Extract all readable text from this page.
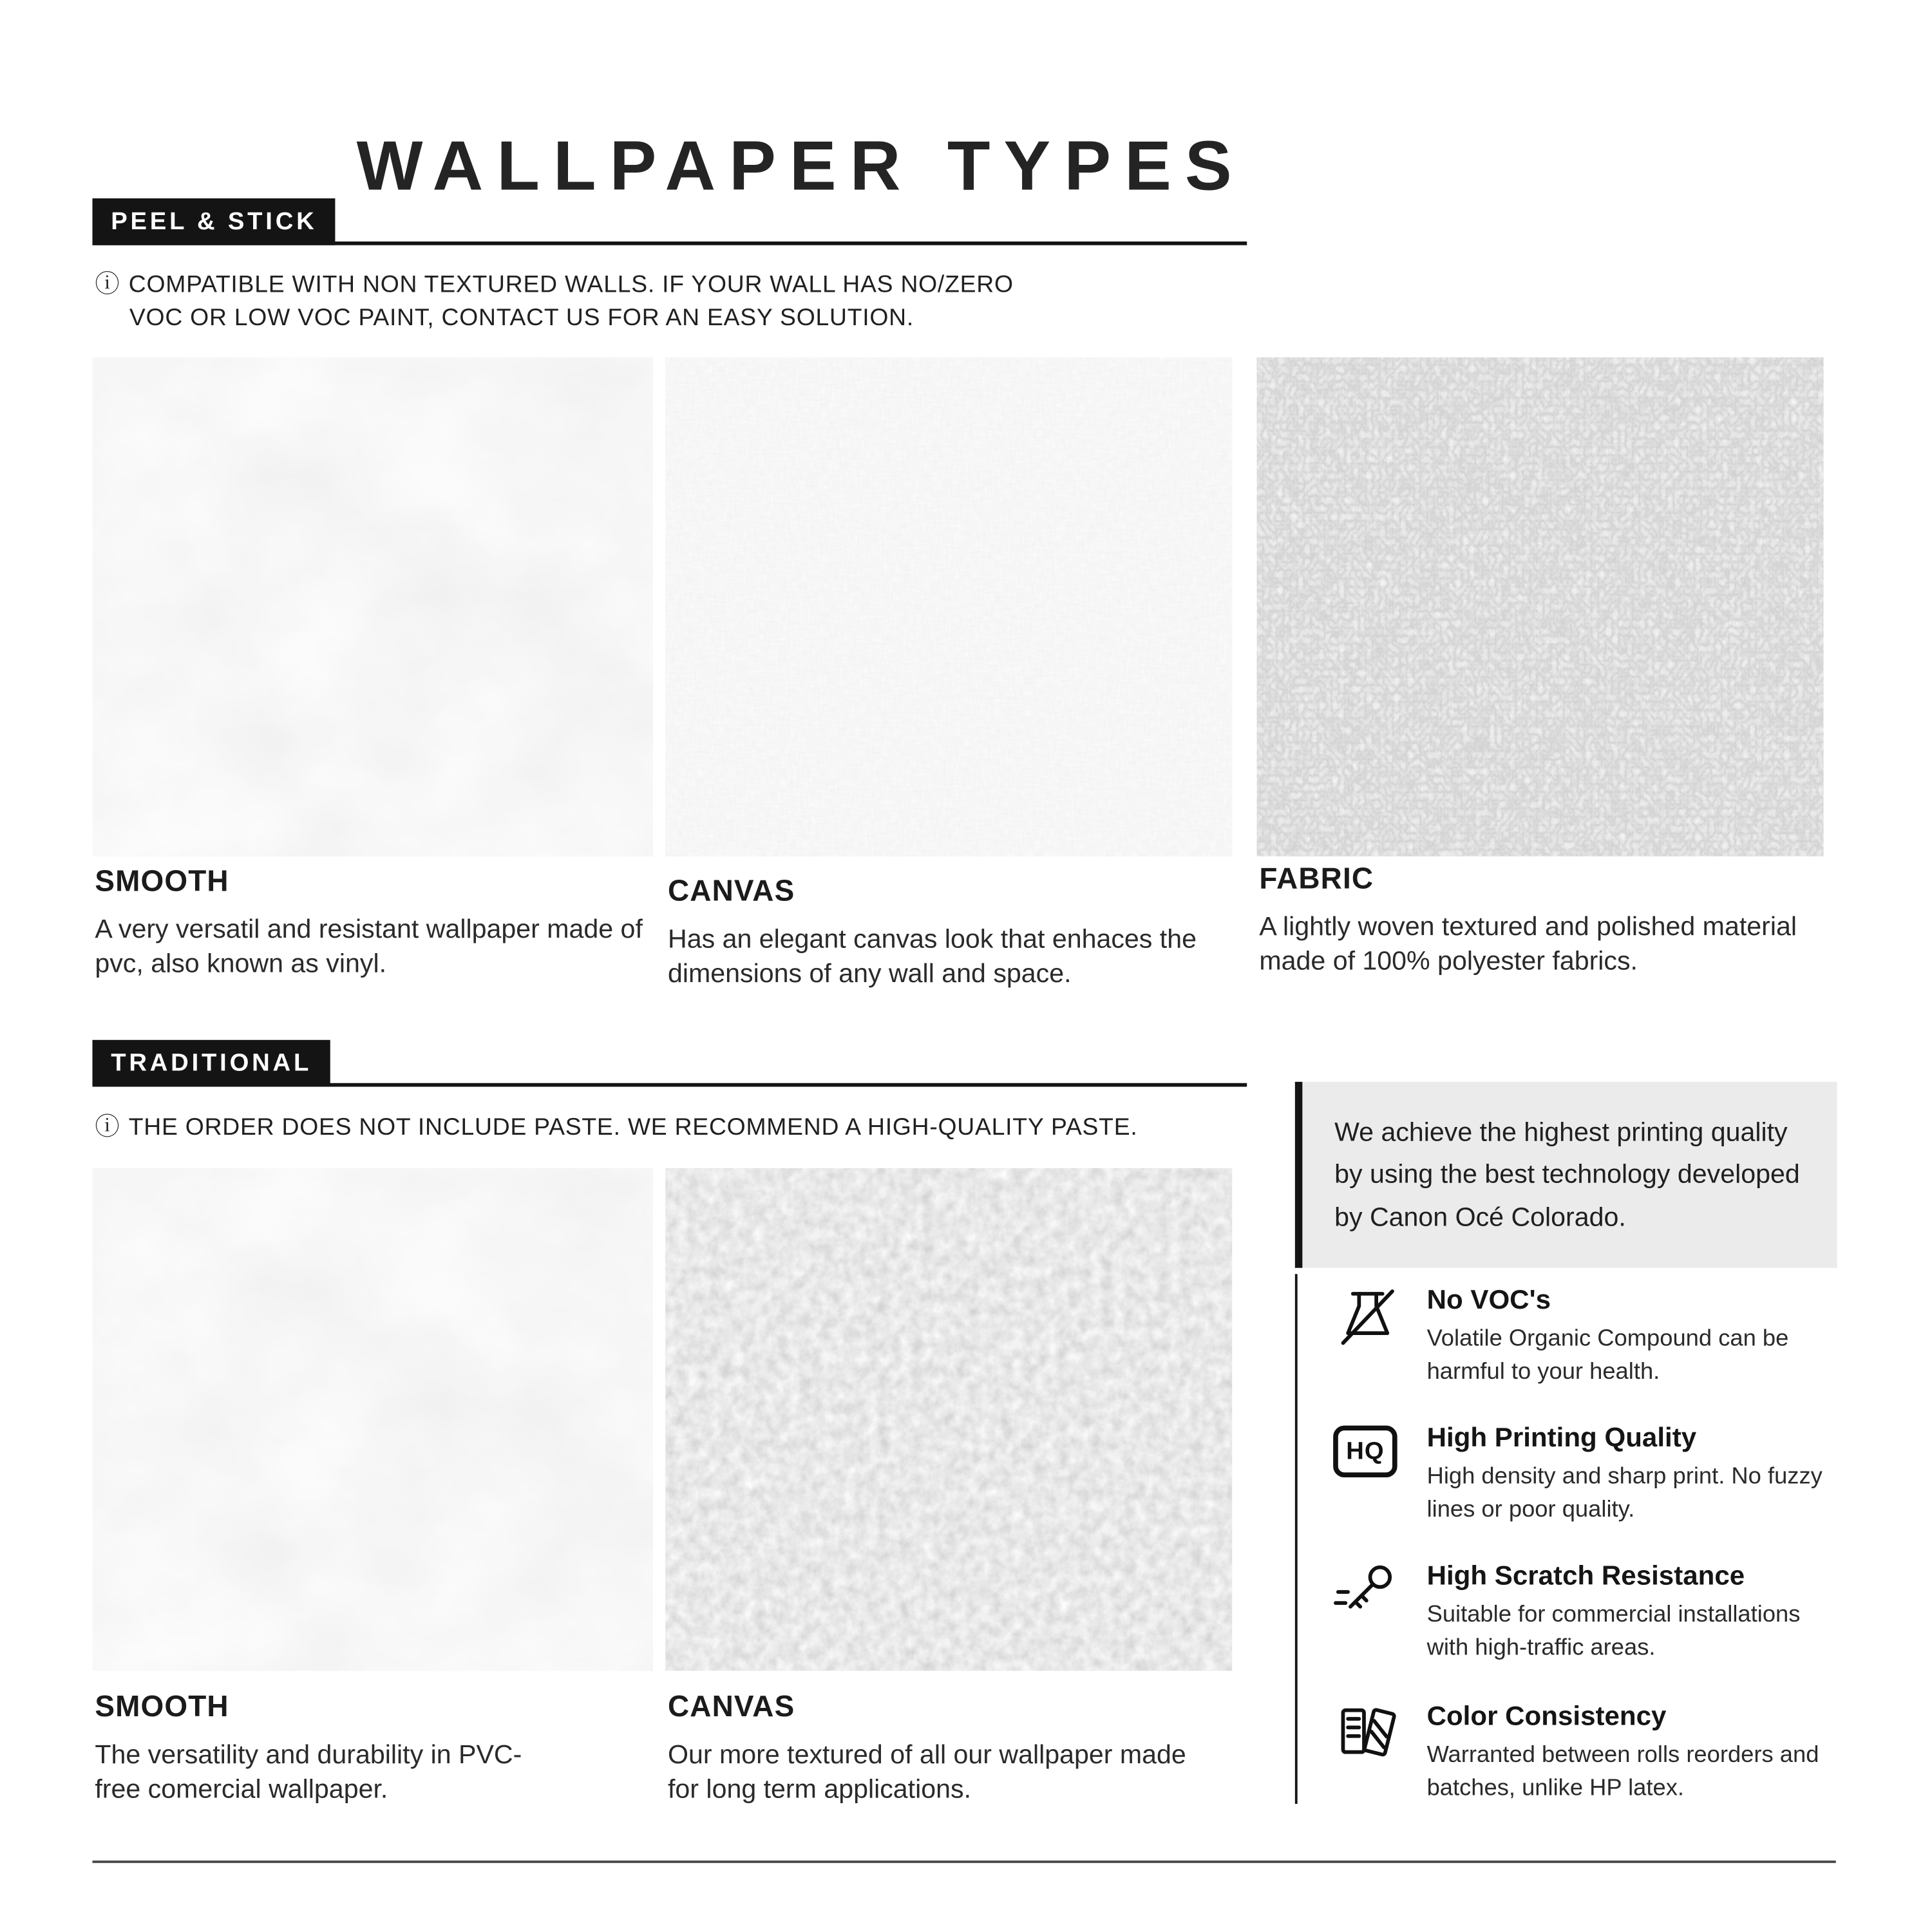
WALLPAPER TYPES
PEEL & STICK
ⓘ COMPATIBLE WITH NON TEXTURED WALLS. IF YOUR WALL HAS NO/ZERO
VOC OR LOW VOC PAINT, CONTACT US FOR AN EASY SOLUTION.
SMOOTH

A very versatil and resistant wallpaper made of pvc, also known as vinyl.

CANVAS

Has an elegant canvas look that enhaces the dimensions of any wall and space.

FABRIC

A lightly woven textured and polished material made of 100% polyester fabrics.

TRADITIONAL
ⓘ THE ORDER DOES NOT INCLUDE PASTE. WE RECOMMEND A HIGH-QUALITY PASTE.
SMOOTH

The versatility and durability in PVC-free comercial wallpaper.

CANVAS

Our more textured of all our wallpaper made for long term applications.

We achieve the highest printing quality by using the best technology developed by Canon Océ Colorado.
No VOC's

Volatile Organic Compound can be harmful to your health.

HQ	High Printing Quality

High density and sharp print. No fuzzy lines or poor quality.

High Scratch Resistance

Suitable for commercial installations with high-traffic areas.

Color Consistency

Warranted between rolls reorders and batches, unlike HP latex.
